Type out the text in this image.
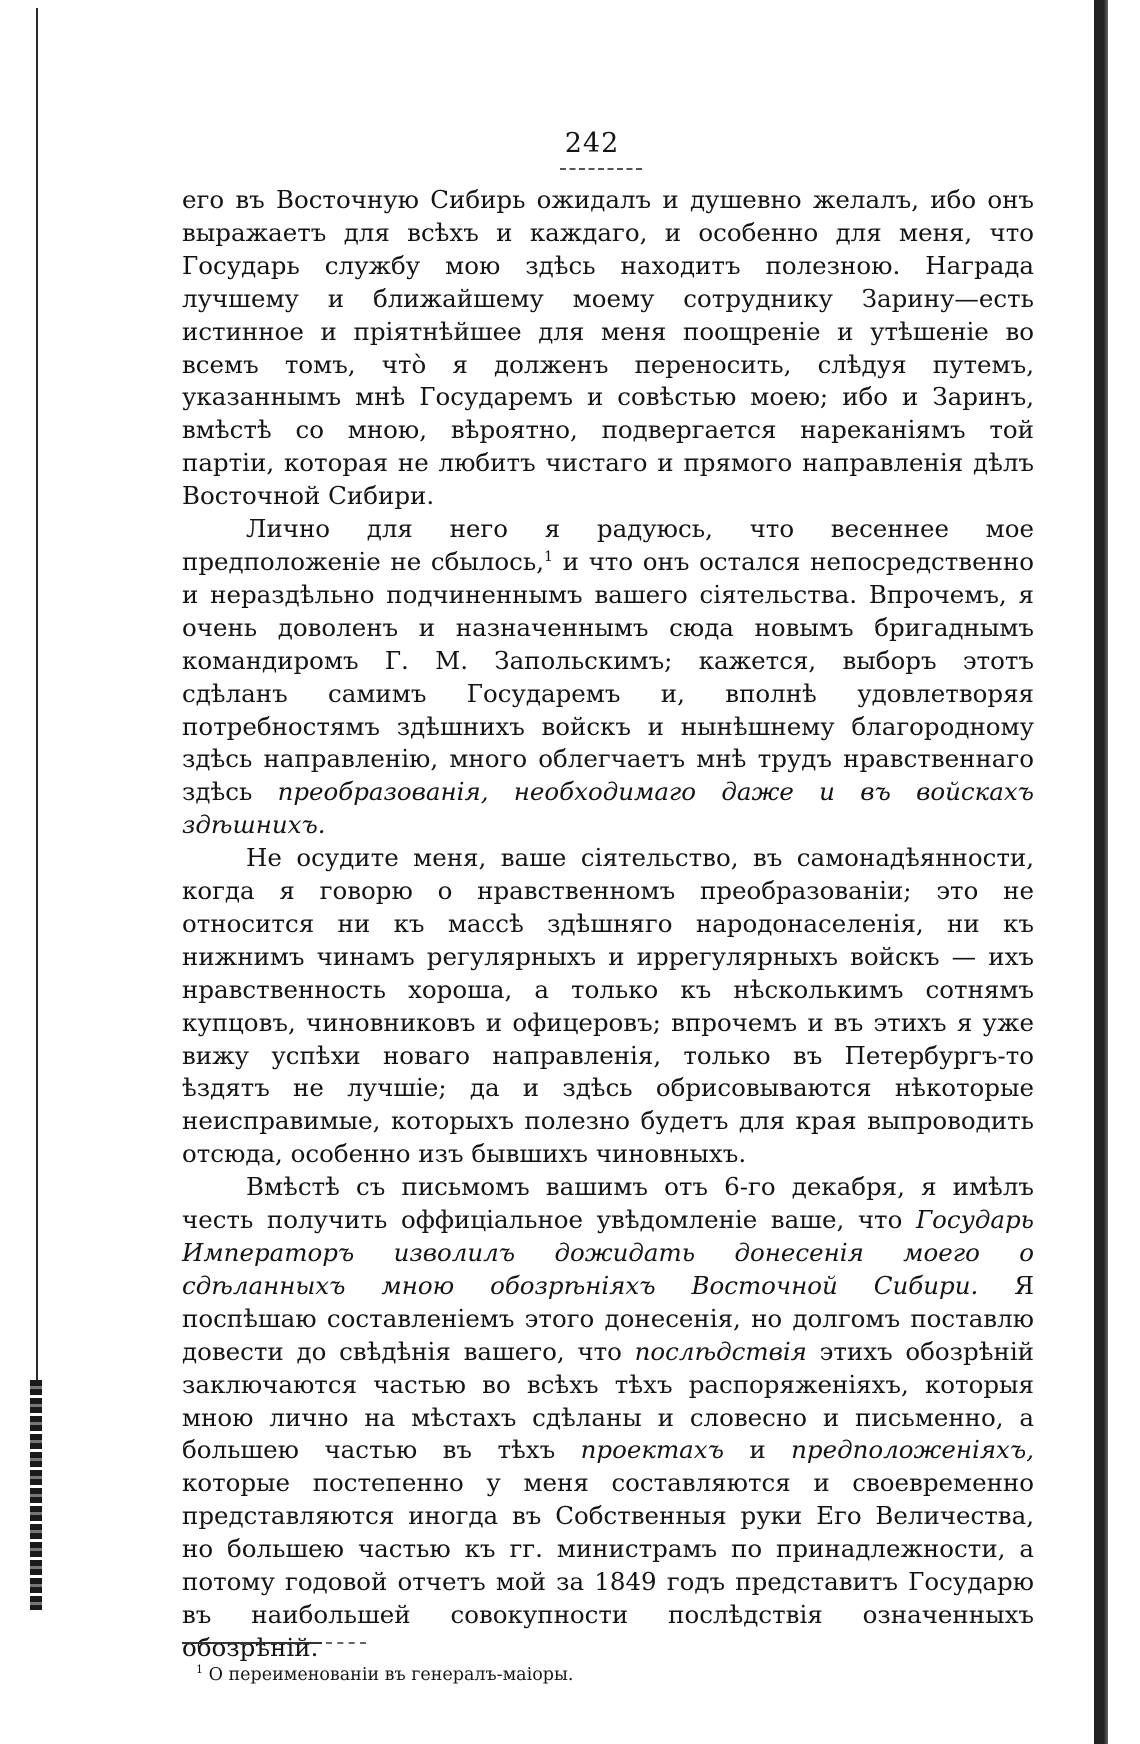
242

его въ Восточную Сибирь ожидалъ и душевно желалъ, ибо онъ выражаетъ для всѣхъ и каждаго, и особенно для меня, что Государь службу мою здѣсь находитъ полезною. Награда лучшему и ближайшему моему сотруднику Зарину—есть истинное и пріятнѣйшее для меня поощреніе и утѣшеніе во всемъ томъ, что̀ я долженъ переносить, слѣдуя путемъ, указаннымъ мнѣ Государемъ и совѣстью моею; ибо и Заринъ, вмѣстѣ со мною, вѣроятно, подвергается нареканіямъ той партіи, которая не любитъ чистаго и прямого направленія дѣлъ Восточной Сибири.

Лично для него я радуюсь, что весеннее мое предположеніе не сбылось,$^1$ и что онъ остался непосредственно и нераздѣльно подчиненнымъ вашего сіятельства. Впрочемъ, я очень доволенъ и назначеннымъ сюда новымъ бригаднымъ командиромъ Г. М. Запольскимъ; кажется, выборъ этотъ сдѣланъ самимъ Государемъ и, вполнѣ удовлетворяя потребностямъ здѣшнихъ войскъ и нынѣшнему благородному здѣсь направленію, много облегчаетъ мнѣ трудъ нравственнаго здѣсь преобразованія, необходимаго даже и въ войскахъ здѣшнихъ.

Не осудите меня, ваше сіятельство, въ самонадѣянности, когда я говорю о нравственномъ преобразованіи; это не относится ни къ массѣ здѣшняго народонаселенія, ни къ нижнимъ чинамъ регулярныхъ и иррегулярныхъ войскъ — ихъ нравственность хороша, а только къ нѣсколькимъ сотнямъ купцовъ, чиновниковъ и офицеровъ; впрочемъ и въ этихъ я уже вижу успѣхи новаго направленія, только въ Петербургъ-то ѣздятъ не лучшіе; да и здѣсь обрисовываются нѣкоторые неисправимые, которыхъ полезно будетъ для края выпроводить отсюда, особенно изъ бывшихъ чиновныхъ.

Вмѣстѣ съ письмомъ вашимъ отъ 6-го декабря, я имѣлъ честь получить оффиціальное увѣдомленіе ваше, что Государь Императоръ изволилъ дожидать донесенія моего о сдѣланныхъ мною обозрѣніяхъ Восточной Сибири. Я поспѣшаю составленіемъ этого донесенія, но долгомъ поставлю довести до свѣдѣнія вашего, что послѣдствія этихъ обозрѣній заключаются частью во всѣхъ тѣхъ распоряженіяхъ, которыя мною лично на мѣстахъ сдѣланы и словесно и письменно, а большею частью въ тѣхъ проектахъ и предположеніяхъ, которые постепенно у меня составляются и своевременно представляются иногда въ Собственныя руки Его Величества, но большею частью къ гг. министрамъ по принадлежности, а потому годовой отчетъ мой за 1849 годъ представитъ Государю въ наибольшей совокупности послѣдствія означенныхъ обозрѣній.

$^1$ О переименованіи въ генералъ-маіоры.
